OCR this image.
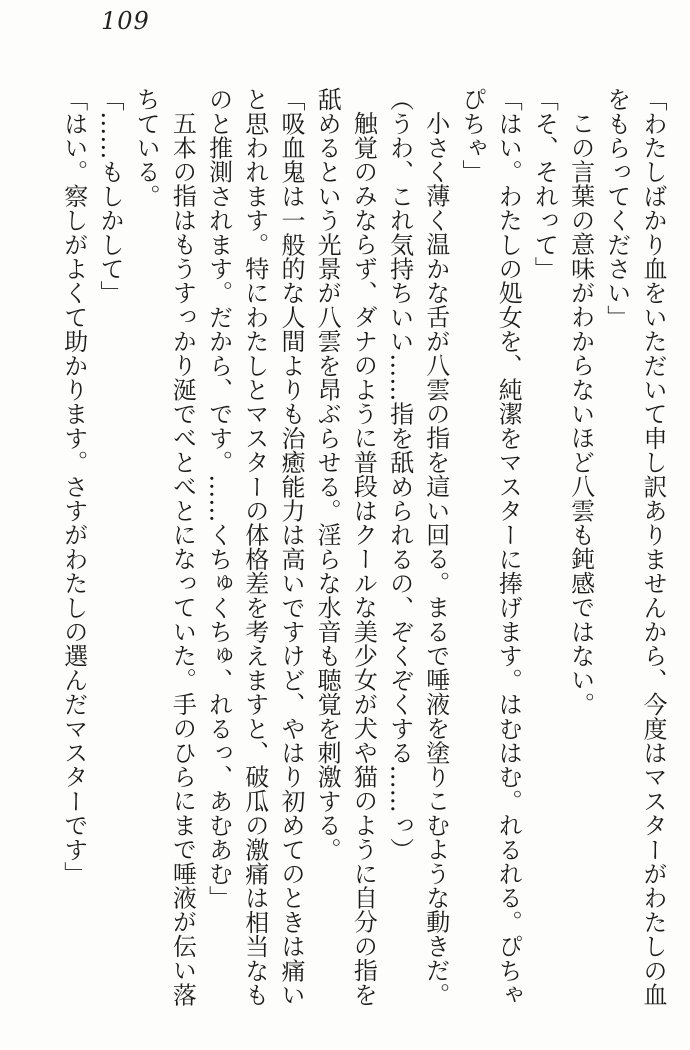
109

「わたしばかり血をいただいて申し訳ありませんから、今度はマスターがわたしの血をもらってください」

この言葉の意味がわからないほど八雲も鈍感ではない。

「そ、それって」

「はい。わたしの処女を、純潔をマスターに捧げます。はむはむ。れるれる。ぴちゃぴちゃ」

小さく薄く温かな舌が八雲の指を這い回る。まるで唾液を塗りこむような動きだ。

（うわ、これ気持ちいい……指を舐められるの、ぞくぞくする……っ）

触覚のみならず、ダナのように普段はクールな美少女が犬や猫のように自分の指を舐めるという光景が八雲を昂ぶらせる。淫らな水音も聴覚を刺激する。

「吸血鬼は一般的な人間よりも治癒能力は高いですけど、やはり初めてのときは痛いと思われます。特にわたしとマスターの体格差を考えますと、破瓜の激痛は相当なものと推測されます。だから、です。……くちゅくちゅ、れるっ、あむあむ」

五本の指はもうすっかり涎でべとべとになっていた。手のひらにまで唾液が伝い落ちている。

「……もしかして」

「はい。察しがよくて助かります。さすがわたしの選んだマスターです」
